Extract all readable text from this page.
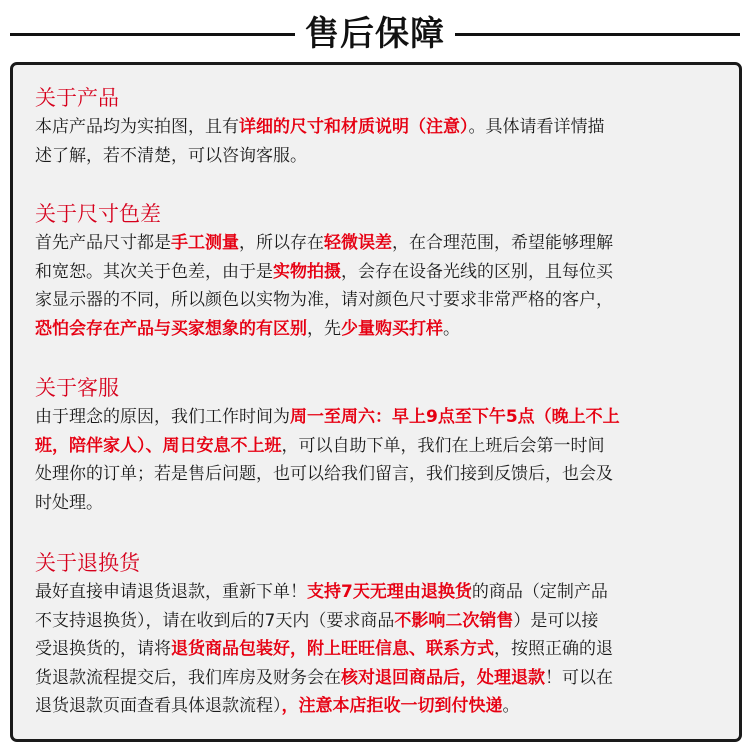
售后保障
关于产品
本店产品均为实拍图，且有详细的尺寸和材质说明（注意）。具体请看详情描
述了解，若不清楚，可以咨询客服。
关于尺寸色差
首先产品尺寸都是手工测量，所以存在轻微误差，在合理范围，希望能够理解
和宽恕。其次关于色差，由于是实物拍摄，会存在设备光线的区别，且每位买
家显示器的不同，所以颜色以实物为准，请对颜色尺寸要求非常严格的客户，
恐怕会存在产品与买家想象的有区别，先少量购买打样。
关于客服
由于理念的原因，我们工作时间为周一至周六：早上9点至下午5点（晚上不上
班，陪伴家人）、周日安息不上班，可以自助下单，我们在上班后会第一时间
处理你的订单；若是售后问题，也可以给我们留言，我们接到反馈后，也会及
时处理。
关于退换货
最好直接申请退货退款，重新下单！支持7天无理由退换货的商品（定制产品
不支持退换货），请在收到后的7天内（要求商品不影响二次销售）是可以接
受退换货的，请将退货商品包装好，附上旺旺信息、联系方式，按照正确的退
货退款流程提交后，我们库房及财务会在核对退回商品后，处理退款！可以在
退货退款页面查看具体退款流程），注意本店拒收一切到付快递。
